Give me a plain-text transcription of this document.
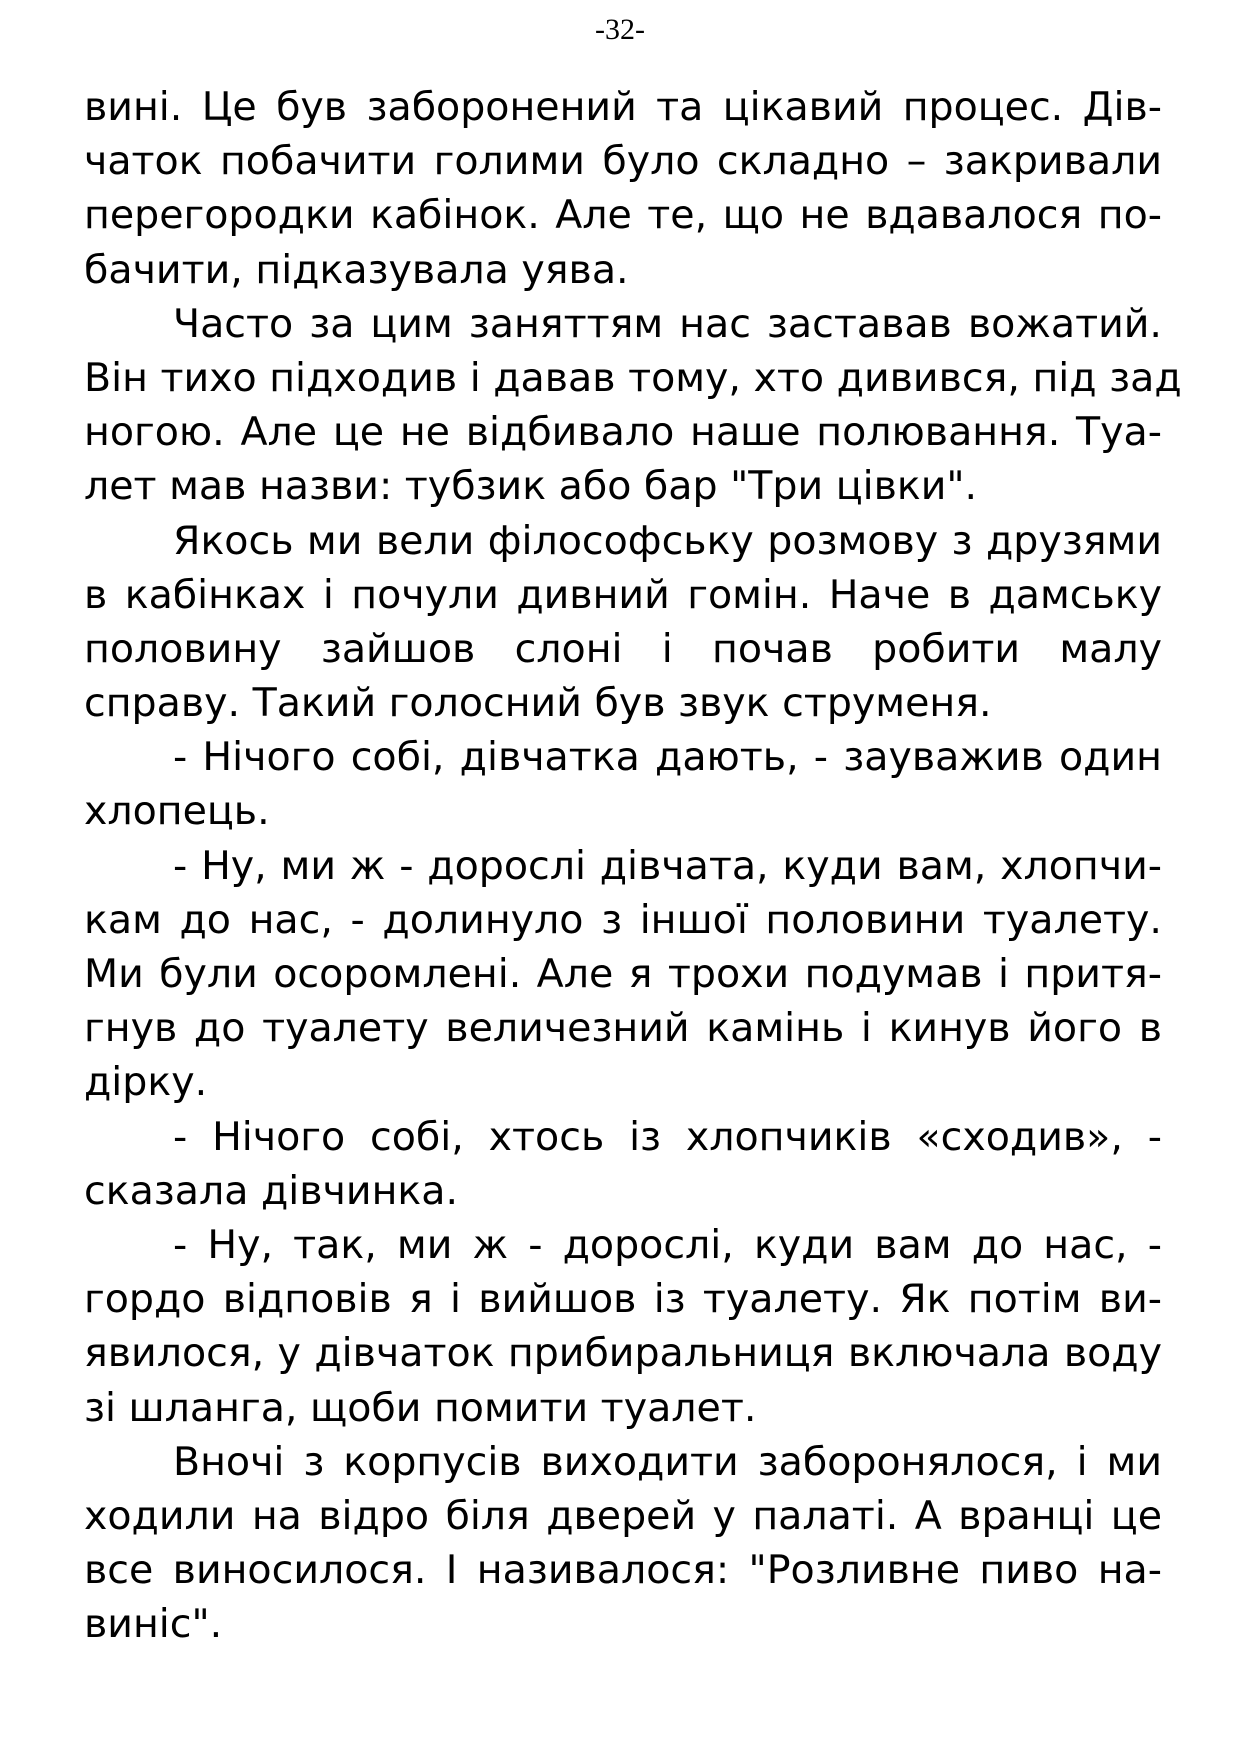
-32-
вині. Це був заборонений та цікавий процес. Дів-
чаток побачити голими було складно – закривали
перегородки кабінок. Але те, що не вдавалося по-
бачити, підказувала уява.
Часто за цим заняттям нас заставав вожатий.
Він тихо підходив і давав тому, хто дивився, під зад
ногою. Але це не відбивало наше полювання. Туа-
лет мав назви: тубзик або бар "Три цівки".
Якось ми вели філософську розмову з друзями
в кабінках і почули дивний гомін. Наче в дамську
половину зайшов слоні і почав робити малу
справу. Такий голосний був звук струменя.
- Нічого собі, дівчатка дають, - зауважив один
хлопець.
- Ну, ми ж - дорослі дівчата, куди вам, хлопчи-
кам до нас, - долинуло з іншої половини туалету.
Ми були осоромлені. Але я трохи подумав і притя-
гнув до туалету величезний камінь і кинув його в
дірку.
- Нічого собі, хтось із хлопчиків «сходив», -
сказала дівчинка.
- Ну, так, ми ж - дорослі, куди вам до нас, -
гордо відповів я і вийшов із туалету. Як потім ви-
явилося, у дівчаток прибиральниця включала воду
зі шланга, щоби помити туалет.
Вночі з корпусів виходити заборонялося, і ми
ходили на відро біля дверей у палаті. А вранці це
все виносилося. І називалося: "Розливне пиво на-
виніс".
